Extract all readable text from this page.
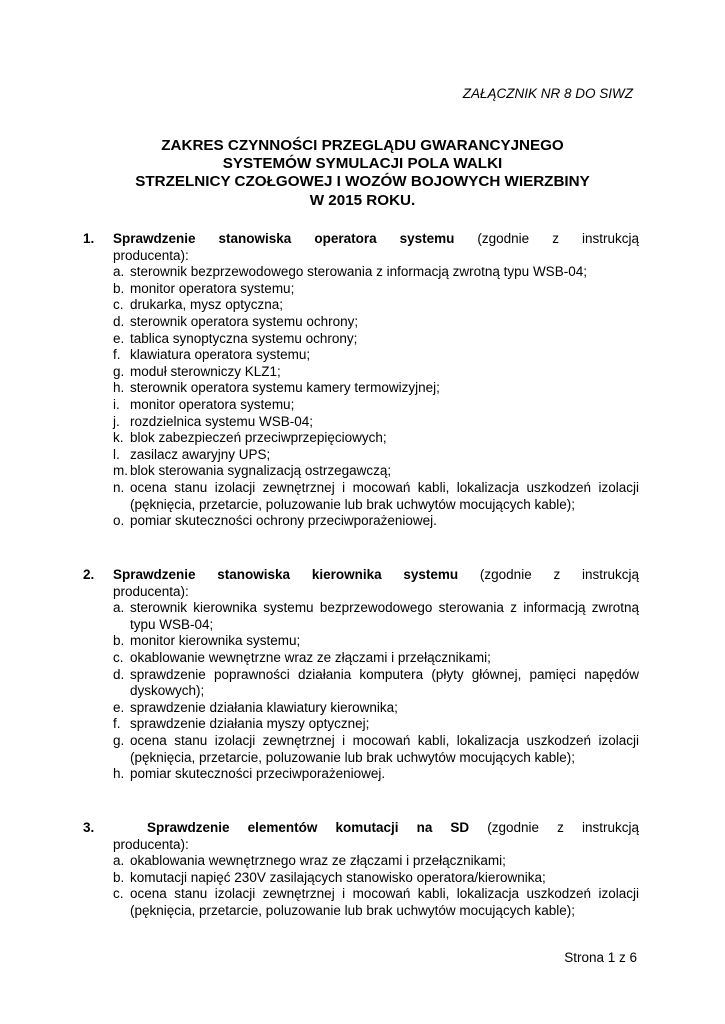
ZAŁĄCZNIK NR 8 DO SIWZ
ZAKRES CZYNNOŚCI PRZEGLĄDU GWARANCYJNEGO
SYSTEMÓW SYMULACJI POLA WALKI
STRZELNICY CZOŁGOWEJ I WOZÓW BOJOWYCH WIERZBINY
W 2015 ROKU.
1.	Sprawdzenie stanowiska operatora systemu (zgodnie z instrukcją
producenta):
a. sterownik bezprzewodowego sterowania z informacją zwrotną typu WSB-04;
b. monitor operatora systemu;
c. drukarka, mysz optyczna;
d. sterownik operatora systemu ochrony;
e. tablica synoptyczna systemu ochrony;
f. klawiatura operatora systemu;
g. moduł sterowniczy KLZ1;
h. sterownik operatora systemu kamery termowizyjnej;
i. monitor operatora systemu;
j. rozdzielnica systemu WSB-04;
k. blok zabezpieczeń przeciwprzepięciowych;
l. zasilacz awaryjny UPS;
m. blok sterowania sygnalizacją ostrzegawczą;
n. ocena stanu izolacji zewnętrznej i mocowań kabli, lokalizacja uszkodzeń izolacji (pęknięcia, przetarcie, poluzowanie lub brak uchwytów mocujących kable);
o. pomiar skuteczności ochrony przeciwporażeniowej.
2.	Sprawdzenie stanowiska kierownika systemu (zgodnie z instrukcją
producenta):
a. sterownik kierownika systemu bezprzewodowego sterowania z informacją zwrotną typu WSB-04;
b. monitor kierownika systemu;
c. okablowanie wewnętrzne wraz ze złączami i przełącznikami;
d. sprawdzenie poprawności działania komputera (płyty głównej, pamięci napędów dyskowych);
e. sprawdzenie działania klawiatury kierownika;
f. sprawdzenie działania myszy optycznej;
g. ocena stanu izolacji zewnętrznej i mocowań kabli, lokalizacja uszkodzeń izolacji (pęknięcia, przetarcie, poluzowanie lub brak uchwytów mocujących kable);
h. pomiar skuteczności przeciwporażeniowej.
3.	Sprawdzenie elementów komutacji na SD (zgodnie z instrukcją
producenta):
a. okablowania wewnętrznego wraz ze złączami i przełącznikami;
b. komutacji napięć 230V zasilających stanowisko operatora/kierownika;
c. ocena stanu izolacji zewnętrznej i mocowań kabli, lokalizacja uszkodzeń izolacji (pęknięcia, przetarcie, poluzowanie lub brak uchwytów mocujących kable);
Strona 1 z 6
